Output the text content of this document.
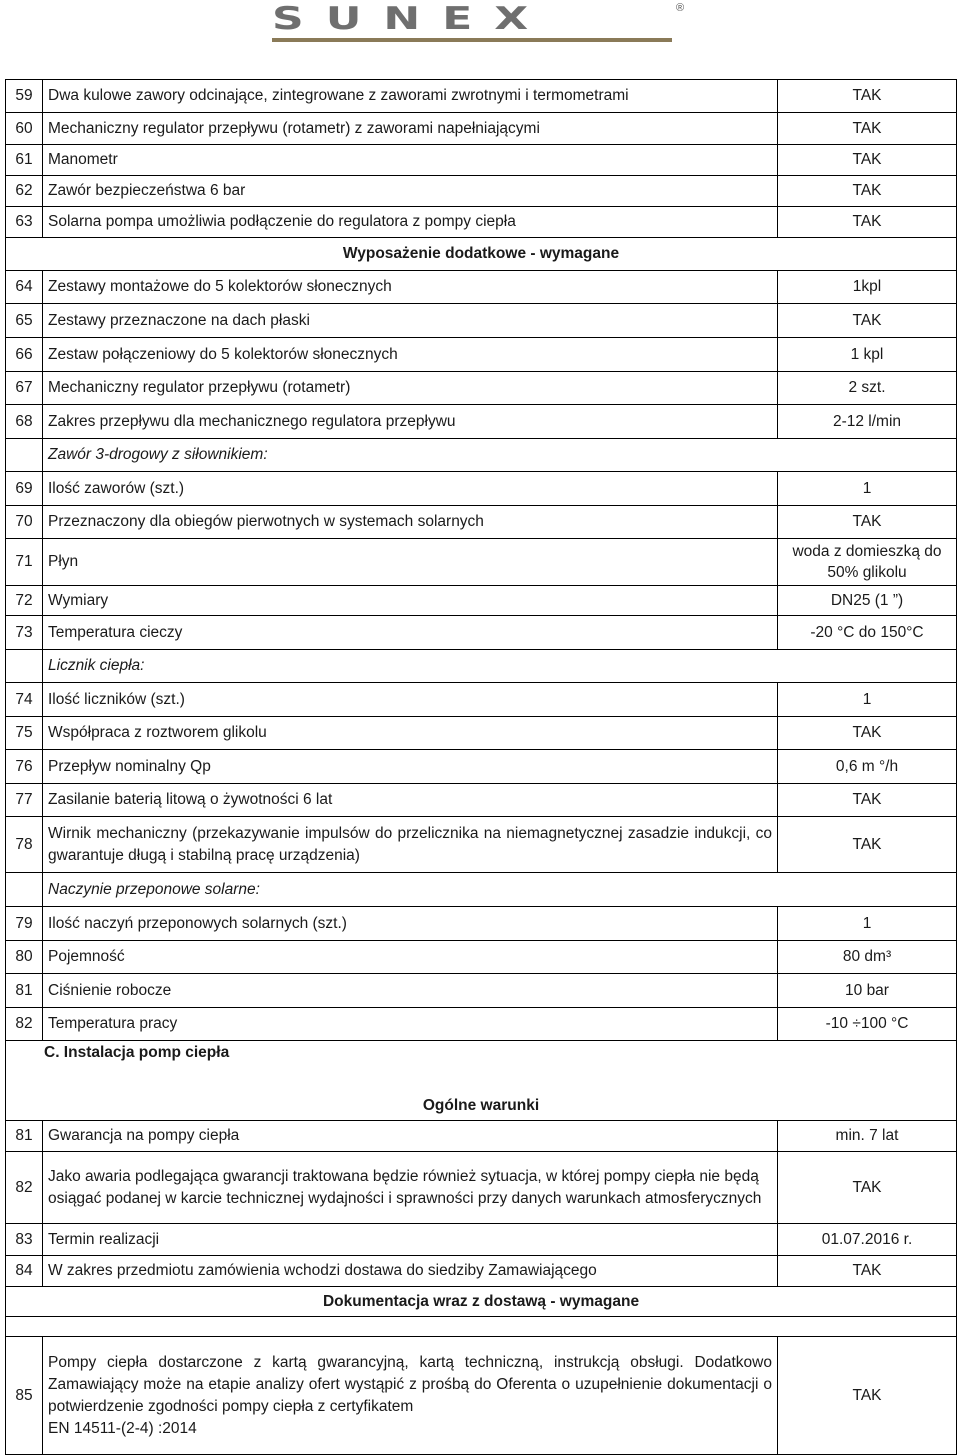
SUNEX	®
59	Dwa kulowe zawory odcinające, zintegrowane z zaworami zwrotnymi i termometrami	TAK
60	Mechaniczny regulator przepływu (rotametr) z zaworami napełniającymi	TAK
61	Manometr	TAK
62	Zawór bezpieczeństwa 6 bar	TAK
63	Solarna pompa umożliwia podłączenie do regulatora z pompy ciepła	TAK
Wyposażenie dodatkowe - wymagane		
64	Zestawy montażowe do 5 kolektorów słonecznych	1kpl
65	Zestawy przeznaczone na dach płaski	TAK
66	Zestaw połączeniowy do 5 kolektorów słonecznych	1 kpl
67	Mechaniczny regulator przepływu (rotametr)	2 szt.
68	Zakres przepływu dla mechanicznego regulatora przepływu	2-12 l/min
	Zawór 3-drogowy z siłownikiem:	
69	Ilość zaworów (szt.)	1
70	Przeznaczony dla obiegów pierwotnych w systemach solarnych	TAK
71	Płyn	woda z domieszką do 50% glikolu
72	Wymiary	DN25 (1 ”)
73	Temperatura cieczy	-20 °C do 150°C
	Licznik ciepła:	
74	Ilość liczników (szt.)	1
75	Współpraca z roztworem glikolu	TAK
76	Przepływ nominalny Qp	0,6 m °/h
77	Zasilanie baterią litową o żywotności 6 lat	TAK
78	Wirnik mechaniczny (przekazywanie impulsów do przelicznika na niemagnetycznej zasadzie indukcji, co gwarantuje długą i stabilną pracę urządzenia)	TAK
	Naczynie przeponowe solarne:	
79	Ilość naczyń przeponowych solarnych (szt.)	1
80	Pojemność	80 dm³
81	Ciśnienie robocze	10 bar
82	Temperatura pracy	-10 ÷100 °C
C. Instalacja pomp ciepła		
Ogólne warunki		
81	Gwarancja na pompy ciepła	min. 7 lat
82	Jako awaria podlegająca gwarancji traktowana będzie również sytuacja, w której pompy ciepła nie będą osiągać podanej w karcie technicznej wydajności i sprawności przy danych warunkach atmosferycznych	TAK
83	Termin realizacji	01.07.2016 r.
84	W zakres przedmiotu zamówienia wchodzi dostawa do siedziby Zamawiającego	TAK
Dokumentacja wraz z dostawą - wymagane		

85	Pompy ciepła dostarczone z kartą gwarancyjną, kartą techniczną, instrukcją obsługi. Dodatkowo Zamawiający może na etapie analizy ofert wystąpić z prośbą do Oferenta o uzupełnienie dokumentacji o potwierdzenie zgodności pompy ciepła z certyfikatem
EN 14511-(2-4) :2014	TAK
